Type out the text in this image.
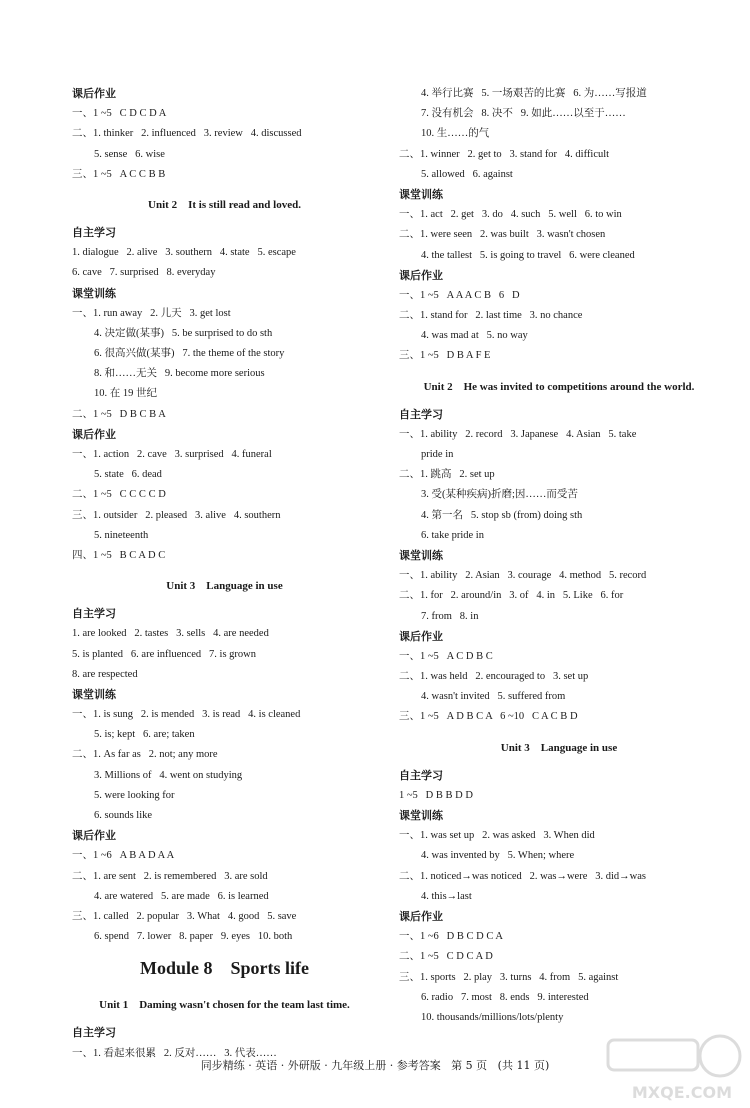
课后作业
一、1 ~5   C D C D A
二、1. thinker   2. influenced   3. review   4. discussed
5. sense   6. wise
三、1 ~5   A C C B B
Unit 2    It is still read and loved.
自主学习
1. dialogue   2. alive   3. southern   4. state   5. escape
6. cave   7. surprised   8. everyday
课堂训练
一、1. run away   2. 儿天   3. get lost
4. 决定做(某事)   5. be surprised to do sth
6. 很高兴做(某事)   7. the theme of the story
8. 和……无关   9. become more serious
10. 在 19 世纪
二、1 ~5   D B C B A
课后作业
一、1. action   2. cave   3. surprised   4. funeral
5. state   6. dead
二、1 ~5   C C C C D
三、1. outsider   2. pleased   3. alive   4. southern
5. nineteenth
四、1 ~5   B C A D C
Unit 3    Language in use
自主学习
1. are looked   2. tastes   3. sells   4. are needed
5. is planted   6. are influenced   7. is grown
8. are respected
课堂训练
一、1. is sung   2. is mended   3. is read   4. is cleaned
5. is; kept   6. are; taken
二、1. As far as   2. not; any more
3. Millions of   4. went on studying
5. were looking for
6. sounds like
课后作业
一、1 ~6   A B A D A A
二、1. are sent   2. is remembered   3. are sold
4. are watered   5. are made   6. is learned
三、1. called   2. popular   3. What   4. good   5. save
6. spend   7. lower   8. paper   9. eyes   10. both
Module 8    Sports life
Unit 1    Daming wasn't chosen for the team last time.
自主学习
一、1. 看起来很累   2. 反对……   3. 代表……
4. 举行比赛   5. 一场艰苦的比赛   6. 为……写报道
7. 没有机会   8. 决不   9. 如此……以至于……
10. 生……的气
二、1. winner   2. get to   3. stand for   4. difficult
5. allowed   6. against
课堂训练
一、1. act   2. get   3. do   4. such   5. well   6. to win
二、1. were seen   2. was built   3. wasn't chosen
4. the tallest   5. is going to travel   6. were cleaned
课后作业
一、1 ~5   A A A C B   6   D
二、1. stand for   2. last time   3. no chance
4. was mad at   5. no way
三、1 ~5   D B A F E
Unit 2    He was invited to competitions around the world.
自主学习
一、1. ability   2. record   3. Japanese   4. Asian   5. take
pride in
二、1. 跳高   2. set up
3. 受(某种疾病)折磨;因……而受苦
4. 第一名   5. stop sb (from) doing sth
6. take pride in
课堂训练
一、1. ability   2. Asian   3. courage   4. method   5. record
二、1. for   2. around/in   3. of   4. in   5. Like   6. for
7. from   8. in
课后作业
一、1 ~5   A C D B C
二、1. was held   2. encouraged to   3. set up
4. wasn't invited   5. suffered from
三、1 ~5   A D B C A   6 ~10   C A C B D
Unit 3    Language in use
自主学习
1 ~5   D B B D D
课堂训练
一、1. was set up   2. was asked   3. When did
4. was invented by   5. When; where
二、1. noticed→was noticed   2. was→were   3. did→was
4. this→last
课后作业
一、1 ~6   D B C D C A
二、1 ~5   C D C A D
三、1. sports   2. play   3. turns   4. from   5. against
6. radio   7. most   8. ends   9. interested
10. thousands/millions/lots/plenty
同步精练 · 英语 · 外研版 · 九年级上册 · 参考答案   第 5 页   (共 11 页)
MXQE.COM
